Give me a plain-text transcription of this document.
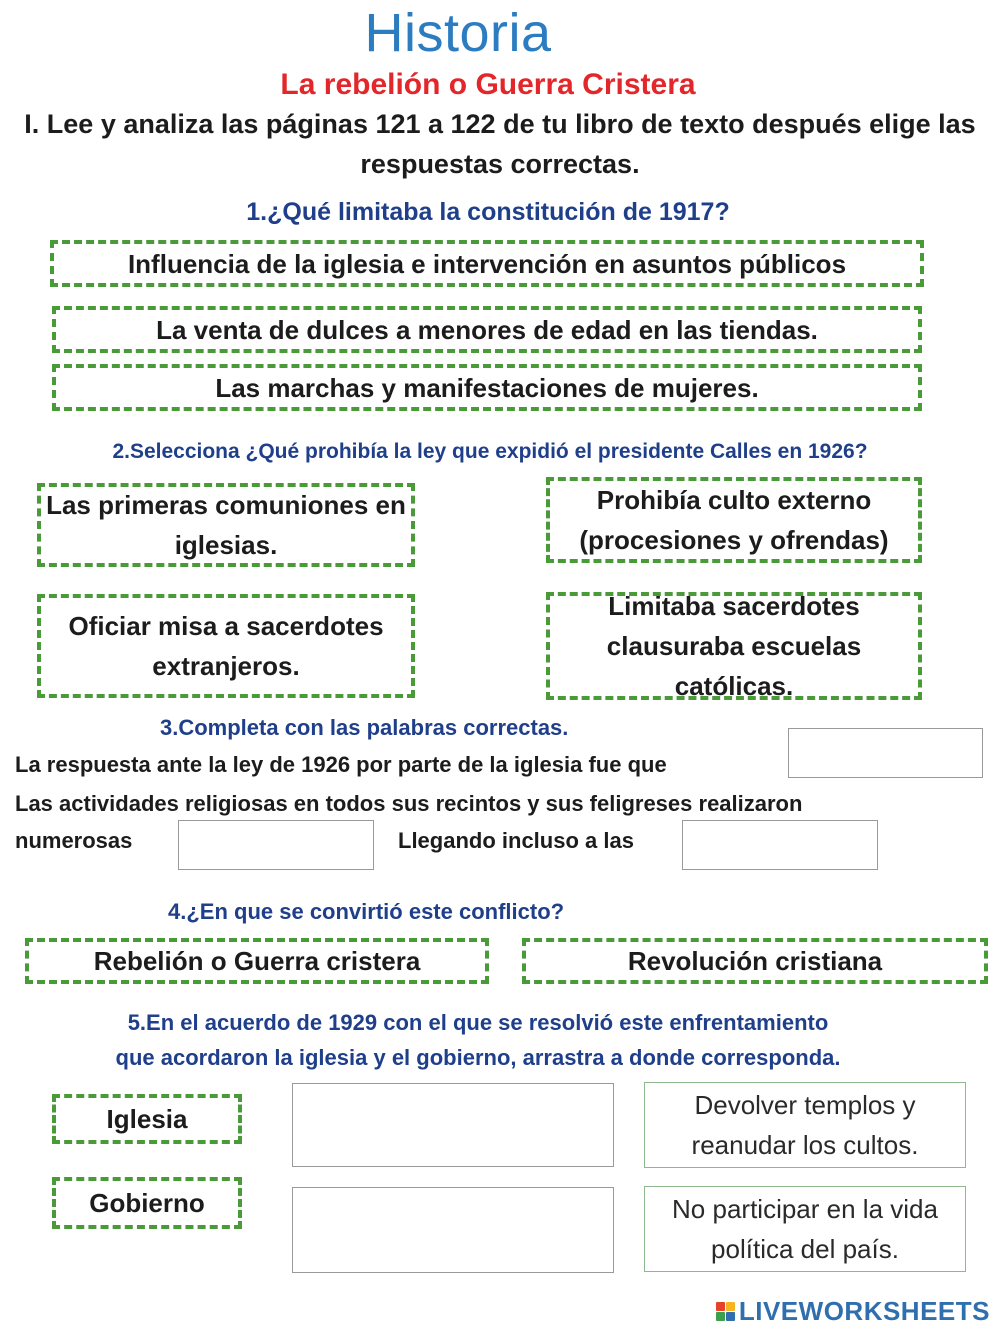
Historia
La rebelión o Guerra Cristera
I. Lee y analiza las páginas 121 a 122 de tu libro de texto después elige las respuestas correctas.
1.¿Qué limitaba la constitución de 1917?
Influencia de la iglesia e intervención en asuntos públicos
La venta de dulces a menores de edad en las tiendas.
Las marchas y manifestaciones de mujeres.
2.Selecciona ¿Qué prohibía la ley que expidió el presidente Calles en 1926?
Las primeras comuniones en iglesias.
Prohibía culto externo (procesiones y ofrendas)
Oficiar misa a sacerdotes extranjeros.
Limitaba sacerdotes clausuraba escuelas católicas.
3.Completa con las palabras correctas.
La respuesta ante la ley de 1926 por parte de la iglesia fue que
Las actividades religiosas en todos sus recintos y sus feligreses realizaron
numerosas	Llegando incluso a las
4.¿En que se convirtió este conflicto?
Rebelión o Guerra cristera	Revolución cristiana
5.En el acuerdo de 1929 con el que se resolvió este enfrentamiento
que acordaron la iglesia y el gobierno, arrastra a donde corresponda.
Iglesia
Gobierno
Devolver templos y reanudar los cultos.
No participar en la vida política del país.
LIVEWORKSHEETS
